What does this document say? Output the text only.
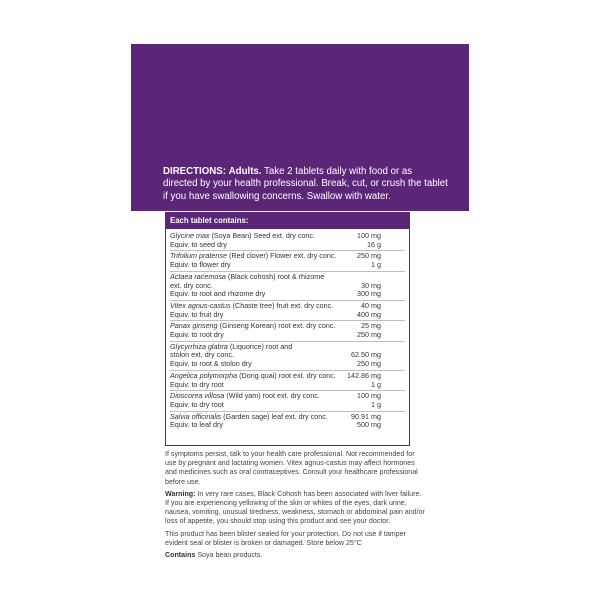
DIRECTIONS: Adults. Take 2 tablets daily with food or as directed by your health professional. Break, cut, or crush the tablet if you have swallowing concerns. Swallow with water.
Each tablet contains:
Glycine max (Soya Bean) Seed ext. dry conc.	100 mg
Equiv. to seed dry	16 g
Trifolium pratense (Red clover) Flower ext. dry conc.	250 mg
Equiv. to flower dry	1 g
Actaea racemosa (Black cohosh) root & rhizome
ext. dry conc.	30 mg
Equiv. to root and rhizome dry	300 mg
Vitex agnus-castus (Chaste tree) fruit ext. dry conc.	40 mg
Equiv. to fruit dry	400 mg
Panax ginseng (Ginseng Korean) root ext. dry conc.	25 mg
Equiv. to root dry	250 mg
Glycyrrhiza glabra (Liquorice) root and
stolon ext. dry conc.	62.50 mg
Equiv. to root & stolon dry	250 mg
Angelica polymorpha (Dong quai) root ext. dry conc.	142.86 mg
Equiv. to dry root	1 g
Dioscorea villosa (Wild yam) root ext. dry conc.	100 mg
Equiv. to dry root	1 g
Salvia officinalis (Garden sage) leaf ext. dry conc.	90.91 mg
Equiv. to leaf dry	500 mg

If symptoms persist, talk to your health care professional. Not recommended for use by pregnant and lactating women. Vitex agnus-castus may affect hormones and medicines such as oral contraceptives. Consult your healthcare professional before use.

Warning: In very rare cases, Black Cohosh has been associated with liver failure. If you are experiencing yellowing of the skin or whites of the eyes, dark urine, nausea, vomiting, unusual tiredness, weakness, stomach or abdominal pain and/or loss of appetite, you should stop using this product and see your doctor.

This product has been blister sealed for your protection. Do not use if tamper evident seal or blister is broken or damaged. Store below 25°C

Contains Soya bean products.
